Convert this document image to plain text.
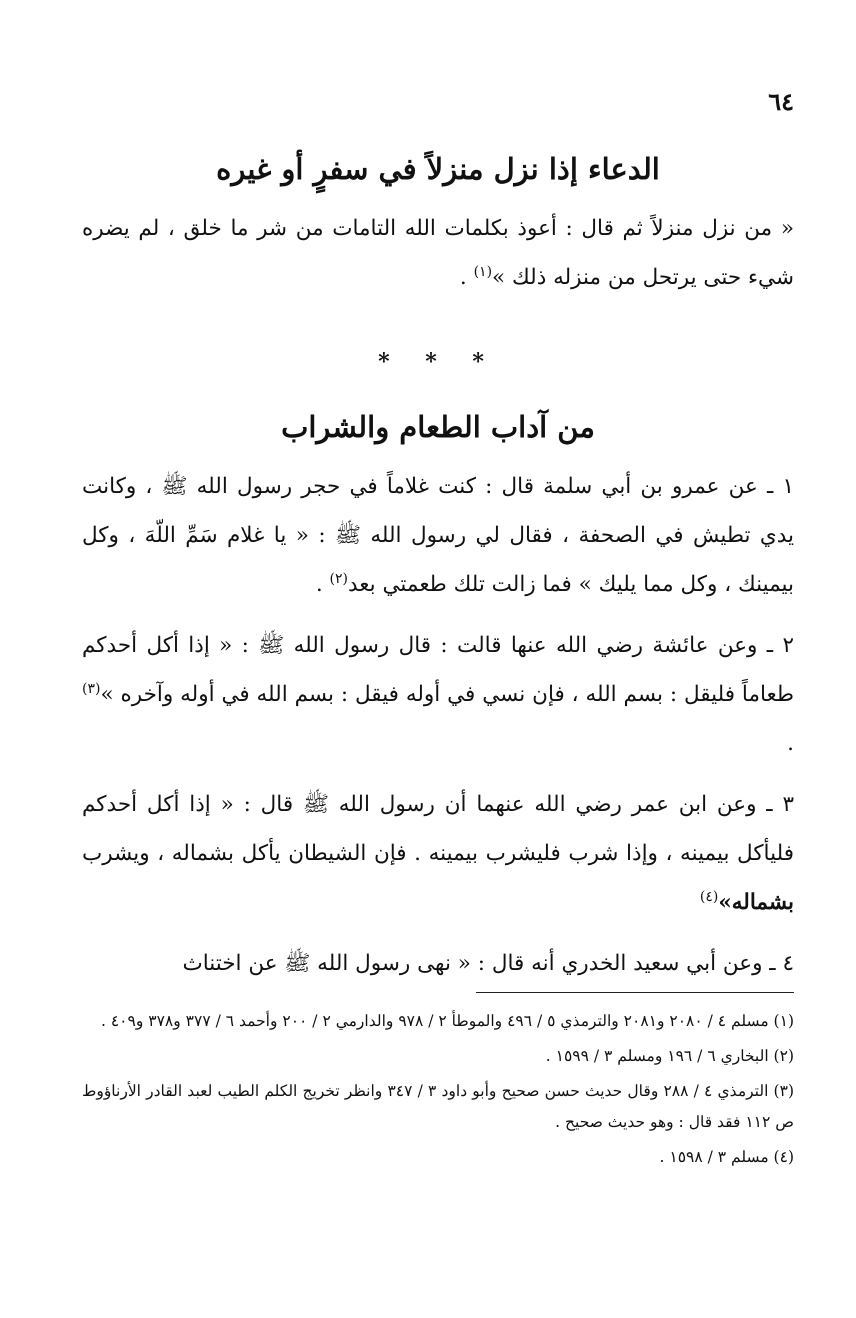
٦٤
الدعاء إذا نزل منزلاً في سفرٍ أو غيره

« من نزل منزلاً ثم قال : أعوذ بكلمات الله التامات من شر ما خلق ، لم يضره شيء حتى يرتحل من منزله ذلك »$^{(١)}$ .

* * *
من آداب الطعام والشراب

١ ـ عن عمرو بن أبي سلمة قال : كنت غلاماً في حجر رسول الله ﷺ ، وكانت يدي تطيش في الصحفة ، فقال لي رسول الله ﷺ : « يا غلام سَمِّ اللّهَ ، وكل بيمينك ، وكل مما يليك » فما زالت تلك طعمتي بعد$^{(٢)}$ .

٢ ـ وعن عائشة رضي الله عنها قالت : قال رسول الله ﷺ : « إذا أكل أحدكم طعاماً فليقل : بسم الله ، فإن نسي في أوله فيقل : بسم الله في أوله وآخره »$^{(٣)}$ .

٣ ـ وعن ابن عمر رضي الله عنهما أن رسول الله ﷺ قال : « إذا أكل أحدكم فليأكل بيمينه ، وإذا شرب فليشرب بيمينه . فإن الشيطان يأكل بشماله ، ويشرب بشماله»$^{(٤)}$

٤ ـ وعن أبي سعيد الخدري أنه قال : « نهى رسول الله ﷺ عن اختناث

(١) مسلم ٤ / ٢٠٨٠ و٢٠٨١ والترمذي ٥ / ٤٩٦ والموطأ ٢ / ٩٧٨ والدارمي ٢ / ٢٠٠ وأحمد ٦ / ٣٧٧ و٣٧٨ و٤٠٩ .

(٢) البخاري ٦ / ١٩٦ ومسلم ٣ / ١٥٩٩ .

(٣) الترمذي ٤ / ٢٨٨ وقال حديث حسن صحيح وأبو داود ٣ / ٣٤٧ وانظر تخريج الكلم الطيب لعبد القادر الأرناؤوط ص ١١٢ فقد قال : وهو حديث صحيح .

(٤) مسلم ٣ / ١٥٩٨ .
